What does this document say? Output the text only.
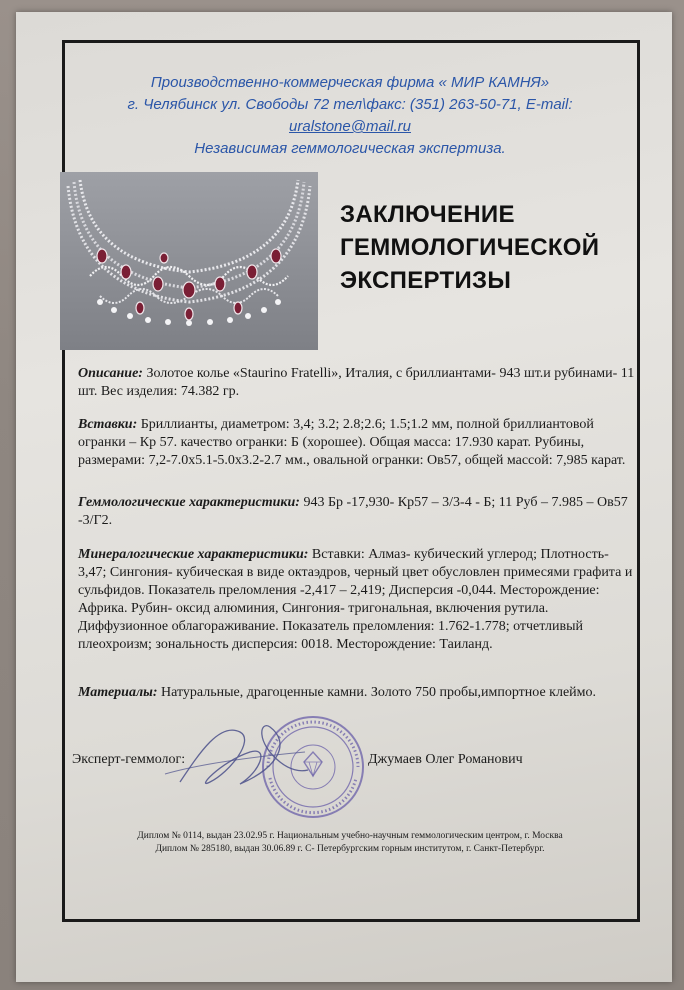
Производственно-коммерческая фирма « МИР КАМНЯ»
г. Челябинск ул. Свободы 72 тел\факс: (351) 263-50-71, E-mail:
uralstone@mail.ru
Независимая геммологическая экспертиза.
ЗАКЛЮЧЕНИЕ
ГЕММОЛОГИЧЕСКОЙ
ЭКСПЕРТИЗЫ
Описание: Золотое колье «Staurino Fratelli», Италия, с бриллиантами- 943 шт.и рубинами- 11 шт. Вес изделия: 74.382 гр.
Вставки: Бриллианты, диаметром: 3,4; 3.2; 2.8;2.6; 1.5;1.2 мм, полной бриллиантовой огранки – Кр 57. качество огранки: Б (хорошее). Общая масса: 17.930 карат. Рубины, размерами: 7,2-7.0х5.1-5.0х3.2-2.7 мм., овальной огранки: Ов57, общей массой: 7,985 карат.
Геммологические характеристики: 943 Бр -17,930- Кр57 – 3/3-4 - Б; 11 Руб – 7.985 – Ов57 -3/Г2.
Минералогические характеристики: Вставки: Алмаз- кубический углерод; Плотность- 3,47; Сингония- кубическая в виде октаэдров, черный цвет обусловлен примесями графита и сульфидов. Показатель преломления -2,417 – 2,419; Дисперсия -0,044. Месторождение: Африка. Рубин- оксид алюминия, Сингония- тригональная, включения рутила. Диффузионное облагораживание. Показатель преломления: 1.762-1.778; отчетливый плеохроизм; зональность дисперсия: 0018. Месторождение: Таиланд.
Материалы: Натуральные, драгоценные камни. Золото 750 пробы,импортное клеймо.
Эксперт-геммолог:	Джумаев Олег Романович
Диплом № 0114, выдан 23.02.95 г. Национальным учебно-научным геммологическим центром, г. Москва
Диплом № 285180, выдан 30.06.89 г. С- Петербургским горным институтом, г. Санкт-Петербург.
